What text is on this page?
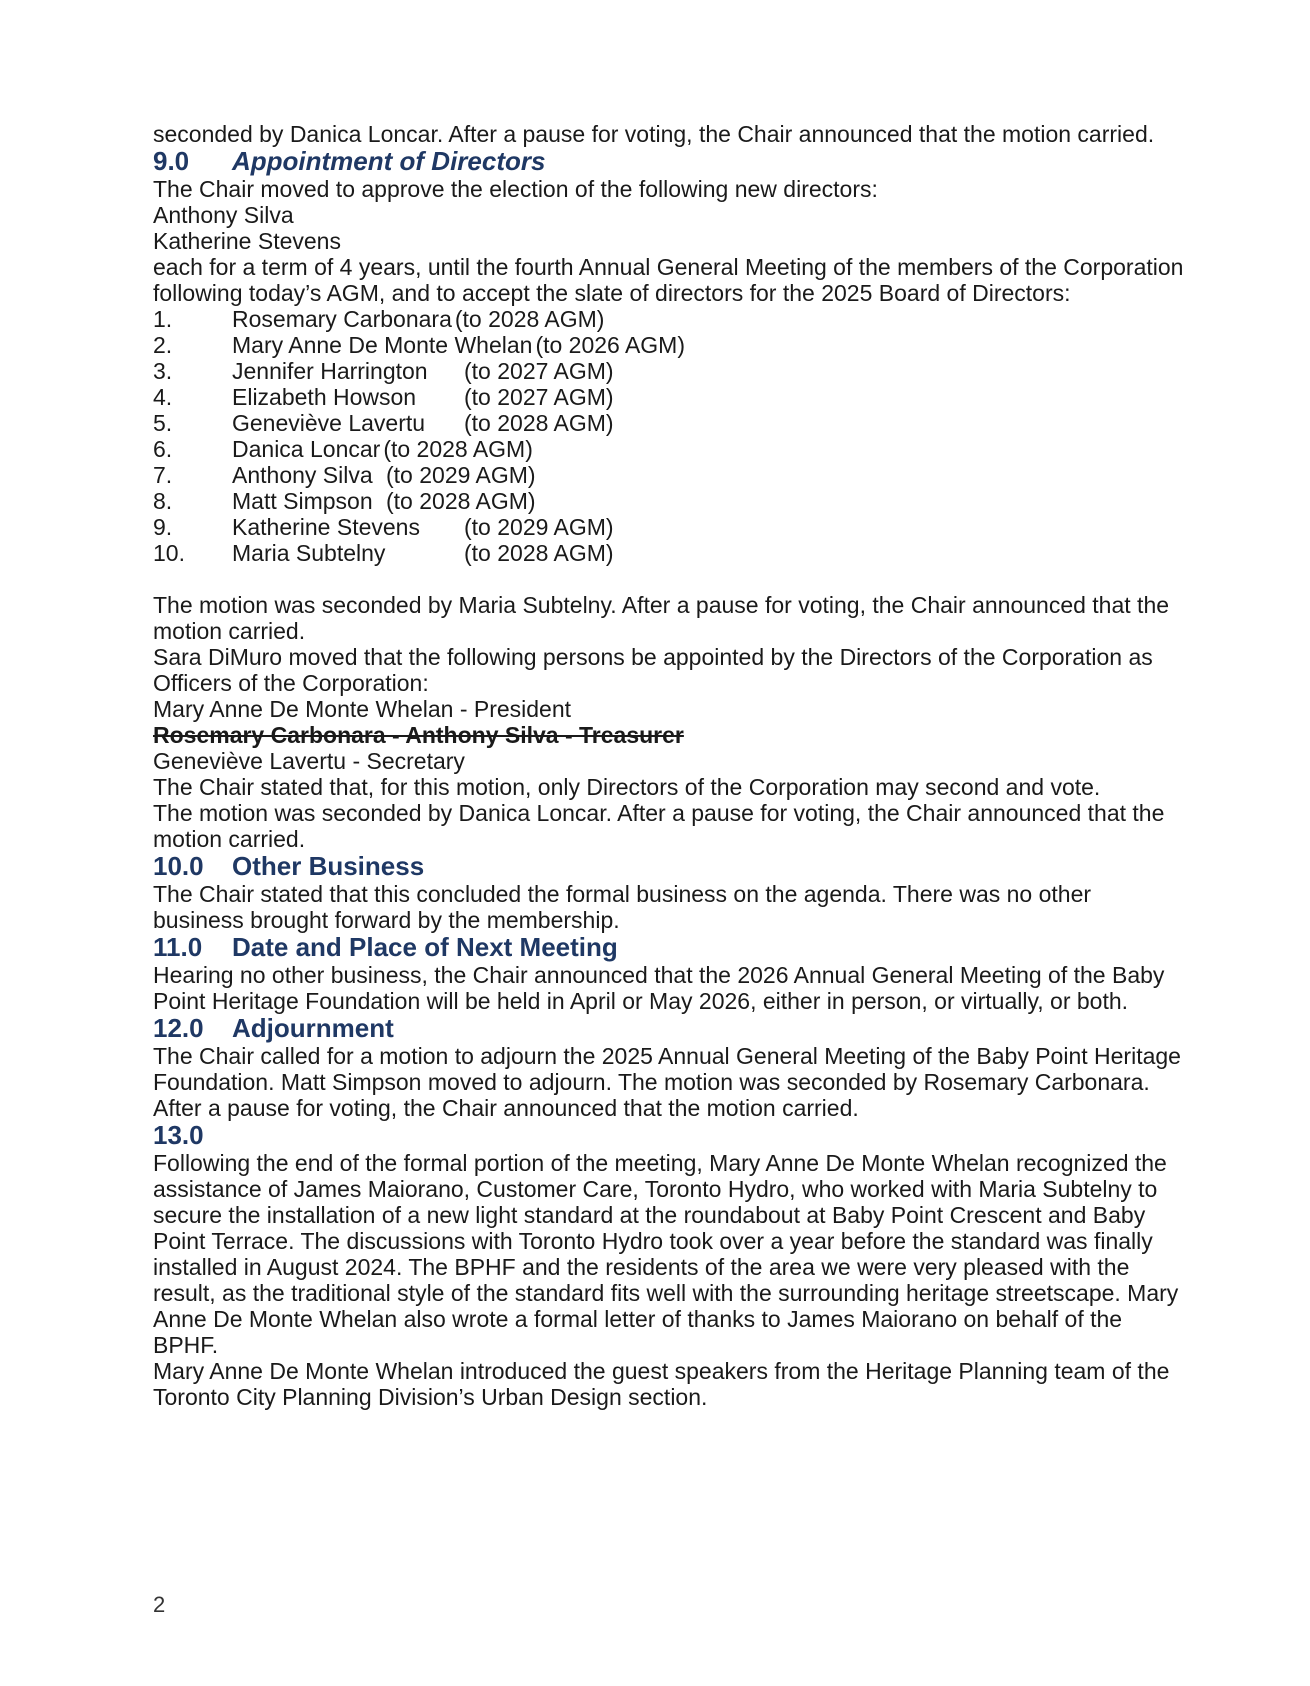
seconded by Danica Loncar. After a pause for voting, the Chair announced that the motion carried.

9.0 Appointment of Directors

The Chair moved to approve the election of the following new directors:

Anthony Silva

Katherine Stevens

each for a term of 4 years, until the fourth Annual General Meeting of the members of the Corporation following today’s AGM, and to accept the slate of directors for the 2025 Board of Directors:

1.	Rosemary Carbonara (to 2028 AGM)
2.	Mary Anne De Monte Whelan (to 2026 AGM)
3.	Jennifer Harrington	(to 2027 AGM)
4.	Elizabeth Howson	(to 2027 AGM)
5.	Geneviève Lavertu	(to 2028 AGM)
6.	Danica Loncar (to 2028 AGM)
7.	Anthony Silva (to 2029 AGM)
8.	Matt Simpson (to 2028 AGM)
9.	Katherine Stevens	(to 2029 AGM)
10.	Maria Subtelny	(to 2028 AGM)

The motion was seconded by Maria Subtelny. After a pause for voting, the Chair announced that the motion carried.

Sara DiMuro moved that the following persons be appointed by the Directors of the Corporation as Officers of the Corporation:

Mary Anne De Monte Whelan - President

Rosemary Carbonara - Anthony Silva - Treasurer

Geneviève Lavertu - Secretary

The Chair stated that, for this motion, only Directors of the Corporation may second and vote.

The motion was seconded by Danica Loncar. After a pause for voting, the Chair announced that the motion carried.

10.0 Other Business

The Chair stated that this concluded the formal business on the agenda. There was no other business brought forward by the membership.

11.0 Date and Place of Next Meeting

Hearing no other business, the Chair announced that the 2026 Annual General Meeting of the Baby Point Heritage Foundation will be held in April or May 2026, either in person, or virtually, or both.

12.0 Adjournment

The Chair called for a motion to adjourn the 2025 Annual General Meeting of the Baby Point Heritage Foundation. Matt Simpson moved to adjourn. The motion was seconded by Rosemary Carbonara. After a pause for voting, the Chair announced that the motion carried.

13.0

Following the end of the formal portion of the meeting, Mary Anne De Monte Whelan recognized the assistance of James Maiorano, Customer Care, Toronto Hydro, who worked with Maria Subtelny to secure the installation of a new light standard at the roundabout at Baby Point Crescent and Baby Point Terrace. The discussions with Toronto Hydro took over a year before the standard was finally installed in August 2024. The BPHF and the residents of the area we were very pleased with the result, as the traditional style of the standard fits well with the surrounding heritage streetscape. Mary Anne De Monte Whelan also wrote a formal letter of thanks to James Maiorano on behalf of the BPHF.

Mary Anne De Monte Whelan introduced the guest speakers from the Heritage Planning team of the Toronto City Planning Division’s Urban Design section.

2
